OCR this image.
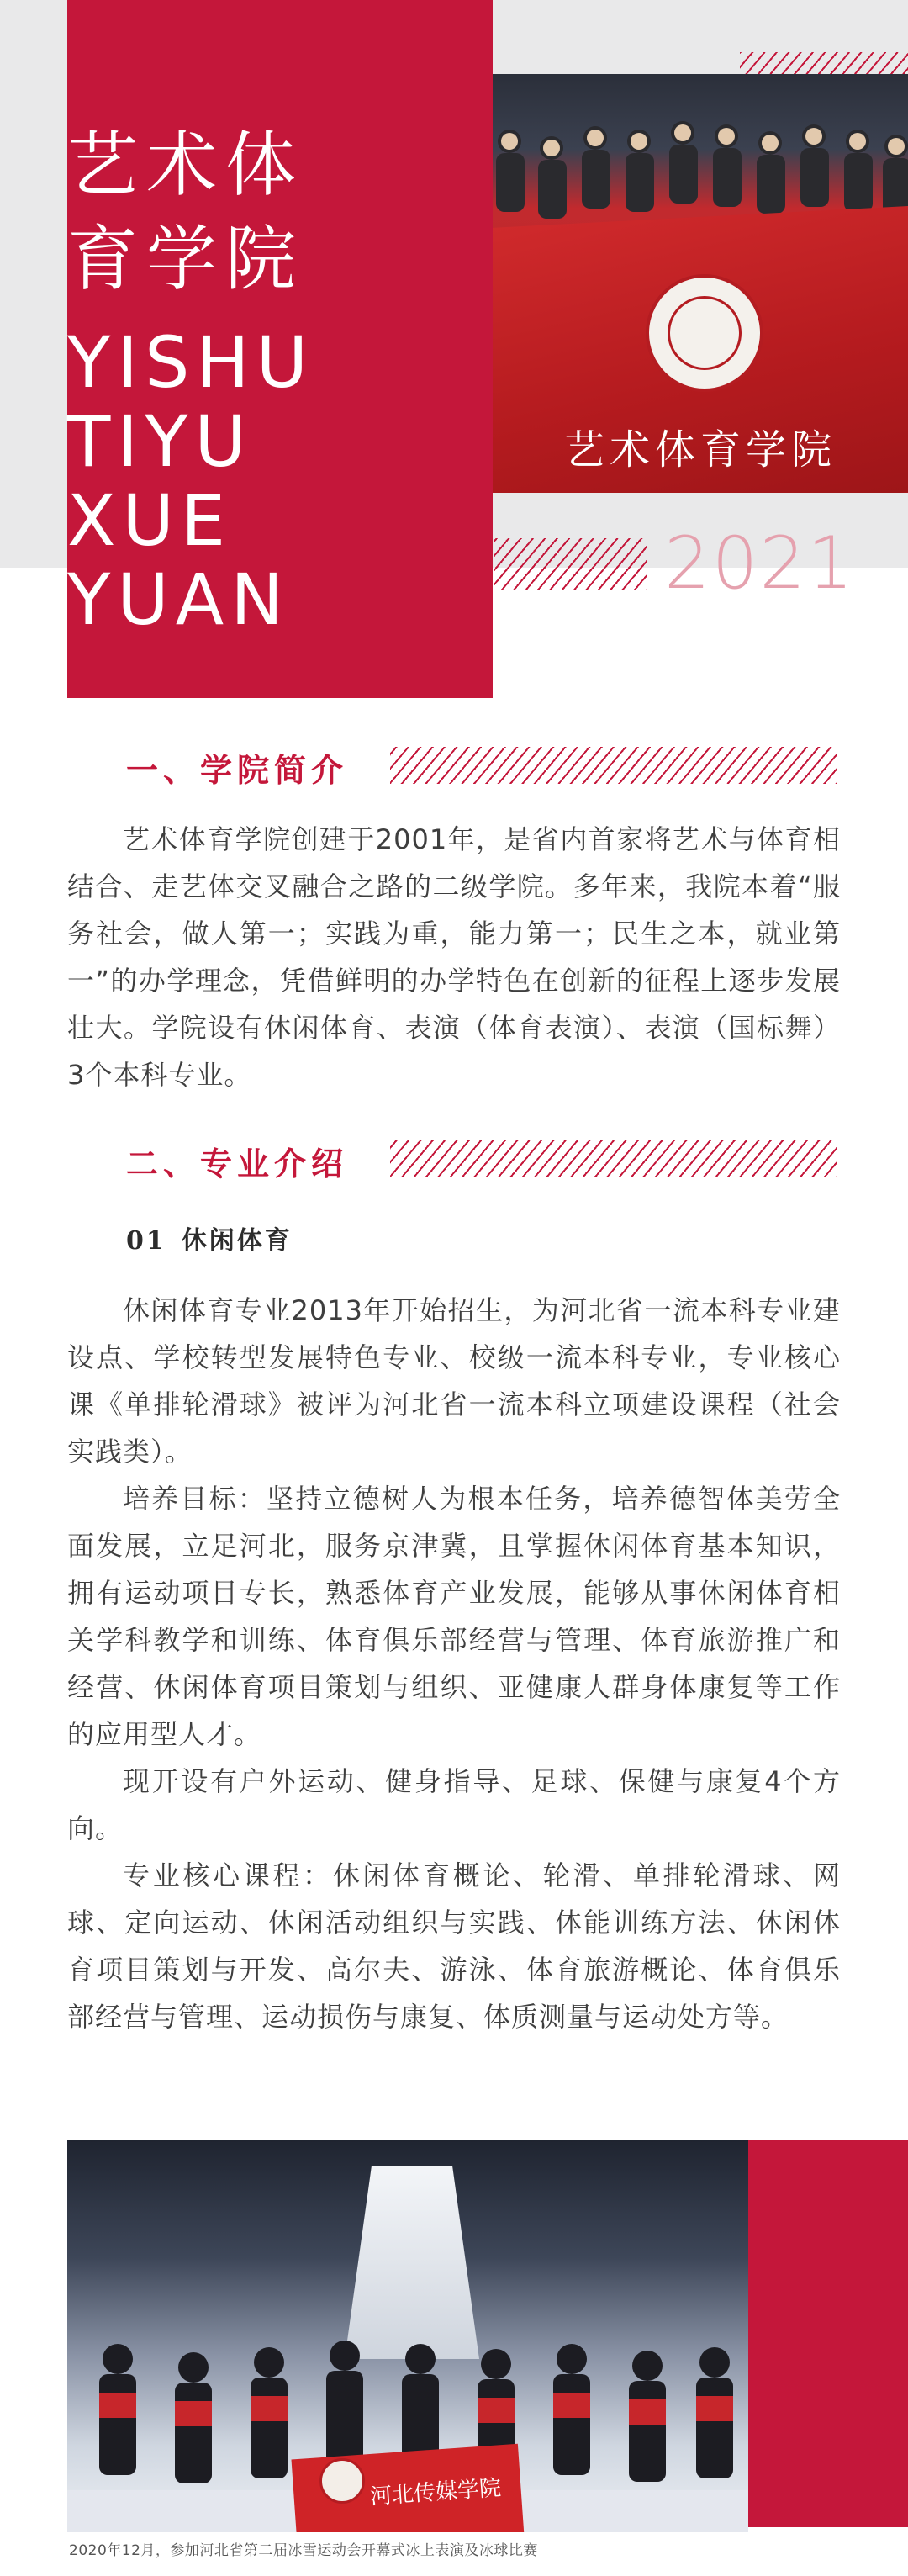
艺术体
育学院
YISHU
TIYU
XUE
YUAN
艺术体育学院
2021
一、学院简介

艺术体育学院创建于2001年，是省内首家将艺术与体育相结合、走艺体交叉融合之路的二级学院。多年来，我院本着“服务社会，做人第一；实践为重，能力第一；民生之本，就业第一”的办学理念，凭借鲜明的办学特色在创新的征程上逐步发展壮大。学院设有休闲体育、表演（体育表演）、表演（国标舞）3个本科专业。

二、专业介绍
01 休闲体育

休闲体育专业2013年开始招生，为河北省一流本科专业建设点、学校转型发展特色专业、校级一流本科专业，专业核心课《单排轮滑球》被评为河北省一流本科立项建设课程（社会实践类）。

培养目标：坚持立德树人为根本任务，培养德智体美劳全面发展，立足河北，服务京津冀，且掌握休闲体育基本知识，拥有运动项目专长，熟悉体育产业发展，能够从事休闲体育相关学科教学和训练、体育俱乐部经营与管理、体育旅游推广和经营、休闲体育项目策划与组织、亚健康人群身体康复等工作的应用型人才。

现开设有户外运动、健身指导、足球、保健与康复4个方向。

专业核心课程：休闲体育概论、轮滑、单排轮滑球、网球、定向运动、休闲活动组织与实践、体能训练方法、休闲体育项目策划与开发、高尔夫、游泳、体育旅游概论、体育俱乐部经营与管理、运动损伤与康复、体质测量与运动处方等。

河北传媒学院
2020年12月，参加河北省第二届冰雪运动会开幕式冰上表演及冰球比赛
